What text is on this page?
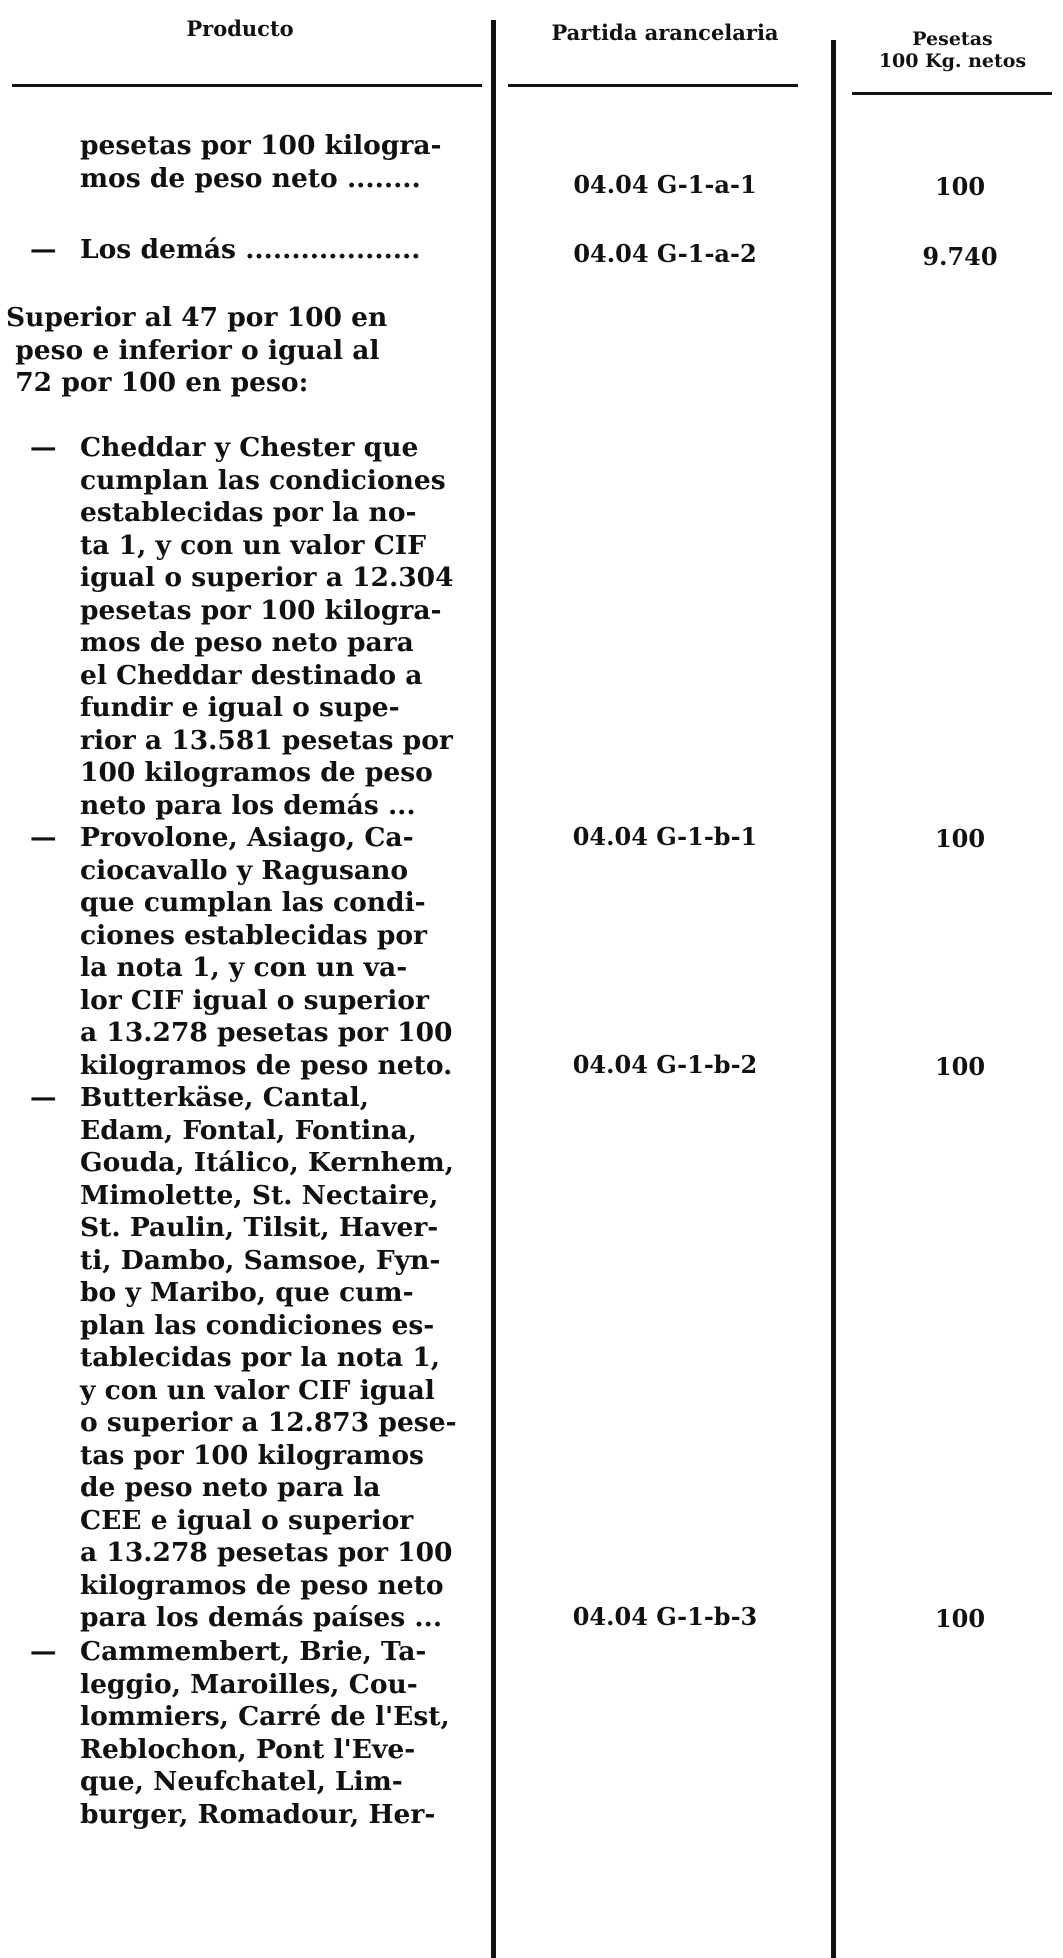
Producto	Partida arancelaria	Pesetas
100 Kg. netos
pesetas por 100 kilogra-
mos de peso neto ........	04.04 G-1-a-1	100
— Los demás ...................	04.04 G-1-a-2	9.740
Superior al 47 por 100 en
peso e inferior o igual al
72 por 100 en peso:
— Cheddar y Chester que
cumplan las condiciones
establecidas por la no-
ta 1, y con un valor CIF
igual o superior a 12.304
pesetas por 100 kilogra-
mos de peso neto para
el Cheddar destinado a
fundir e igual o supe-
rior a 13.581 pesetas por
100 kilogramos de peso
neto para los demás ...
04.04 G-1-b-1	100
— Provolone, Asiago, Ca-
ciocavallo y Ragusano
que cumplan las condi-
ciones establecidas por
la nota 1, y con un va-
lor CIF igual o superior
a 13.278 pesetas por 100
kilogramos de peso neto.	04.04 G-1-b-2	100
— Butterkäse, Cantal,
Edam, Fontal, Fontina,
Gouda, Itálico, Kernhem,
Mimolette, St. Nectaire,
St. Paulin, Tilsit, Haver-
ti, Dambo, Samsoe, Fyn-
bo y Maribo, que cum-
plan las condiciones es-
tablecidas por la nota 1,
y con un valor CIF igual
o superior a 12.873 pese-
tas por 100 kilogramos
de peso neto para la
CEE e igual o superior
a 13.278 pesetas por 100
kilogramos de peso neto
para los demás países ...	04.04 G-1-b-3	100
— Cammembert, Brie, Ta-
leggio, Maroilles, Cou-
lommiers, Carré de l'Est,
Reblochon, Pont l'Eve-
que, Neufchatel, Lim-
burger, Romadour, Her-
